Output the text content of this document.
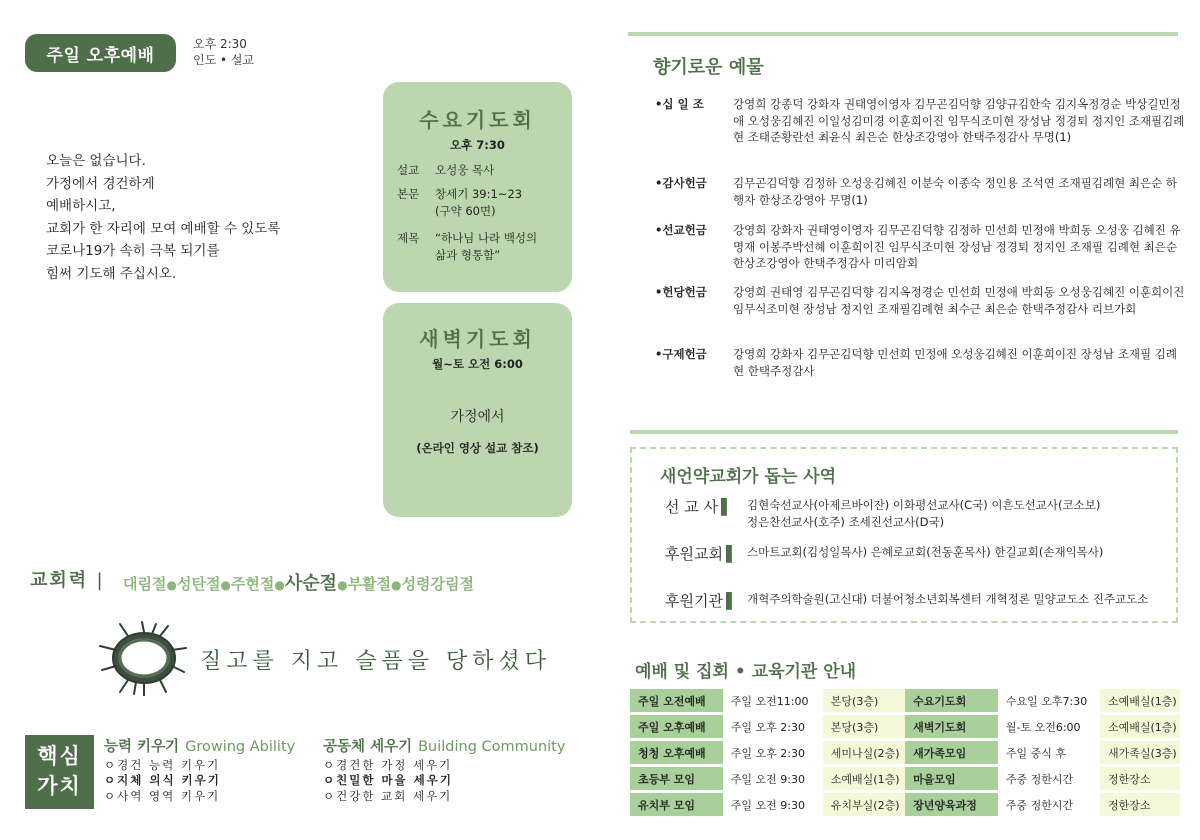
주일 오후예배
오후 2:30
인도 • 설교
오늘은 없습니다.
가정에서 경건하게
예배하시고,
교회가 한 자리에 모여 예배할 수 있도록
코로나19가 속히 극복 되기를
힘써 기도해 주십시오.
수요기도회
오후 7:30
설교	오성웅 목사
본문	창세기 39:1~23
(구약 60면)
제목	“하나님 나라 백성의
삶과 형통함”
새벽기도회
월~토 오전 6:00
가정에서
(온라인 영상 설교 참조)
교회력 |	대림절●성탄절●주현절●사순절●부활절●성령강림절
질고를 지고 슬픔을 당하셨다
핵심
가치
능력 키우기 Growing Ability
ㅇ경건 능력 키우기
ㅇ지체 의식 키우기
ㅇ사역 영역 키우기
공동체 세우기 Building Community
ㅇ경건한 가정 세우기
ㅇ친밀한 마을 세우기
ㅇ건강한 교회 세우기
향기로운 예물
•십 일 조	강영희 강종덕 강화자 권태영이영자 김무곤김덕향 김양규김한숙 김지옥정경순 박상길민정애 오성웅김혜진 이일성김미경 이훈희이진 임무식조미현 장성남 정경퇴 정지인 조재필김례현 조태준황란선 최윤식 최은순 한상조강영아 한택주정감사 무명(1)
•감사헌금	김무곤김덕향 김정하 오성웅김혜진 이분숙 이종숙 정인용 조석연 조재필김례현 최은순 하행자 한상조강영아 무명(1)
•선교헌금	강영희 강화자 권태영이영자 김무곤김덕향 김정하 민선희 민정애 박희동 오성웅 김혜진 유명재 이봉주박선혜 이훈희이진 임무식조미현 장성남 정경퇴 정지인 조재필 김례현 최은순 한상조강영아 한택주정감사 미리암회
•헌당헌금	강영희 권태영 김무곤김덕향 김지옥정경순 민선희 민정애 박희동 오성웅김혜진 이훈희이진 임무식조미현 장성남 정지인 조재필김례현 최수근 최은순 한택주정감사 리브가회
•구제헌금	강영희 강화자 김무곤김덕향 민선희 민정애 오성웅김혜진 이훈희이진 장성남 조재필 김례현 한택주정감사
새언약교회가 돕는 사역
선 교 사 ▌	김현숙선교사(아제르바이잔) 이화평선교사(C국) 이흔도선교사(코소보)
정은찬선교사(호주) 조세진선교사(D국)
후원교회 ▌ 스마트교회(김성일목사) 은혜로교회(전동훈목사) 한길교회(손재익목사)
후원기관 ▌ 개혁주의학술원(고신대) 더불어청소년회복센터 개혁정론 밀양교도소 진주교도소
예배 및 집회 • 교육기관 안내
주일 오전예배	주일 오전11:00	본당(3층)	수요기도회	수요일 오후7:30	소예배실(1층)
주일 오후예배	주일 오후 2:30	본당(3층)	새벽기도회	월-토 오전6:00	소예배실(1층)
청청 오후예배	주일 오후 2:30	세미나실(2층)	새가족모임	주일 중식 후	새가족실(3층)
초등부 모임	주일 오전 9:30	소예배실(1층)	마을모임	주중 정한시간	정한장소
유치부 모임	주일 오전 9:30	유치부실(2층)	장년양육과정	주중 정한시간	정한장소
